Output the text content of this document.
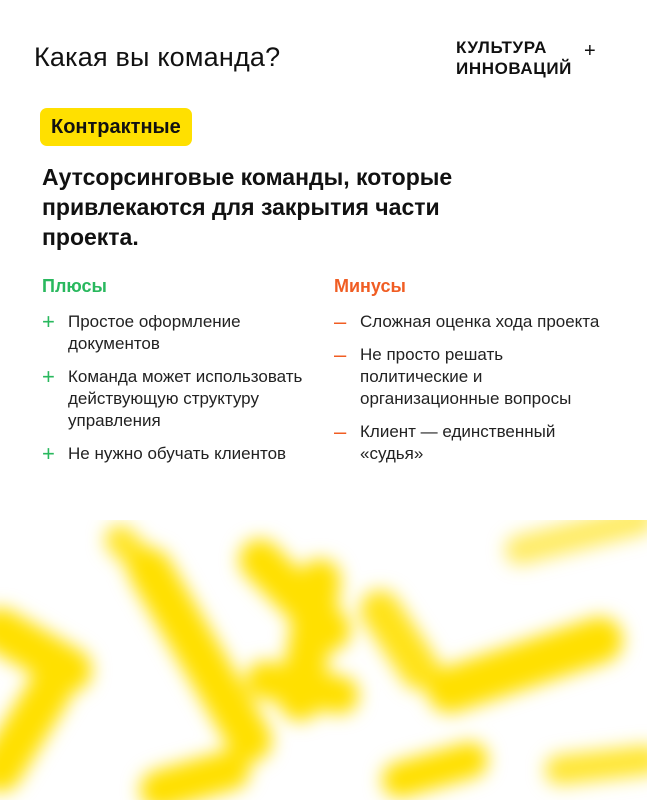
Какая вы команда?	КУЛЬТУРА
ИННОВАЦИЙ
+
Контрактные
Аутсорсинговые команды, которые привлекаются для закрытия части проекта.
Плюсы
+ Простое оформление документов
+ Команда может использовать действующую структуру управления
+ Не нужно обучать клиентов
Минусы
– Сложная оценка хода проекта
– Не просто решать политические и организационные вопросы
– Клиент — единственный «судья»
